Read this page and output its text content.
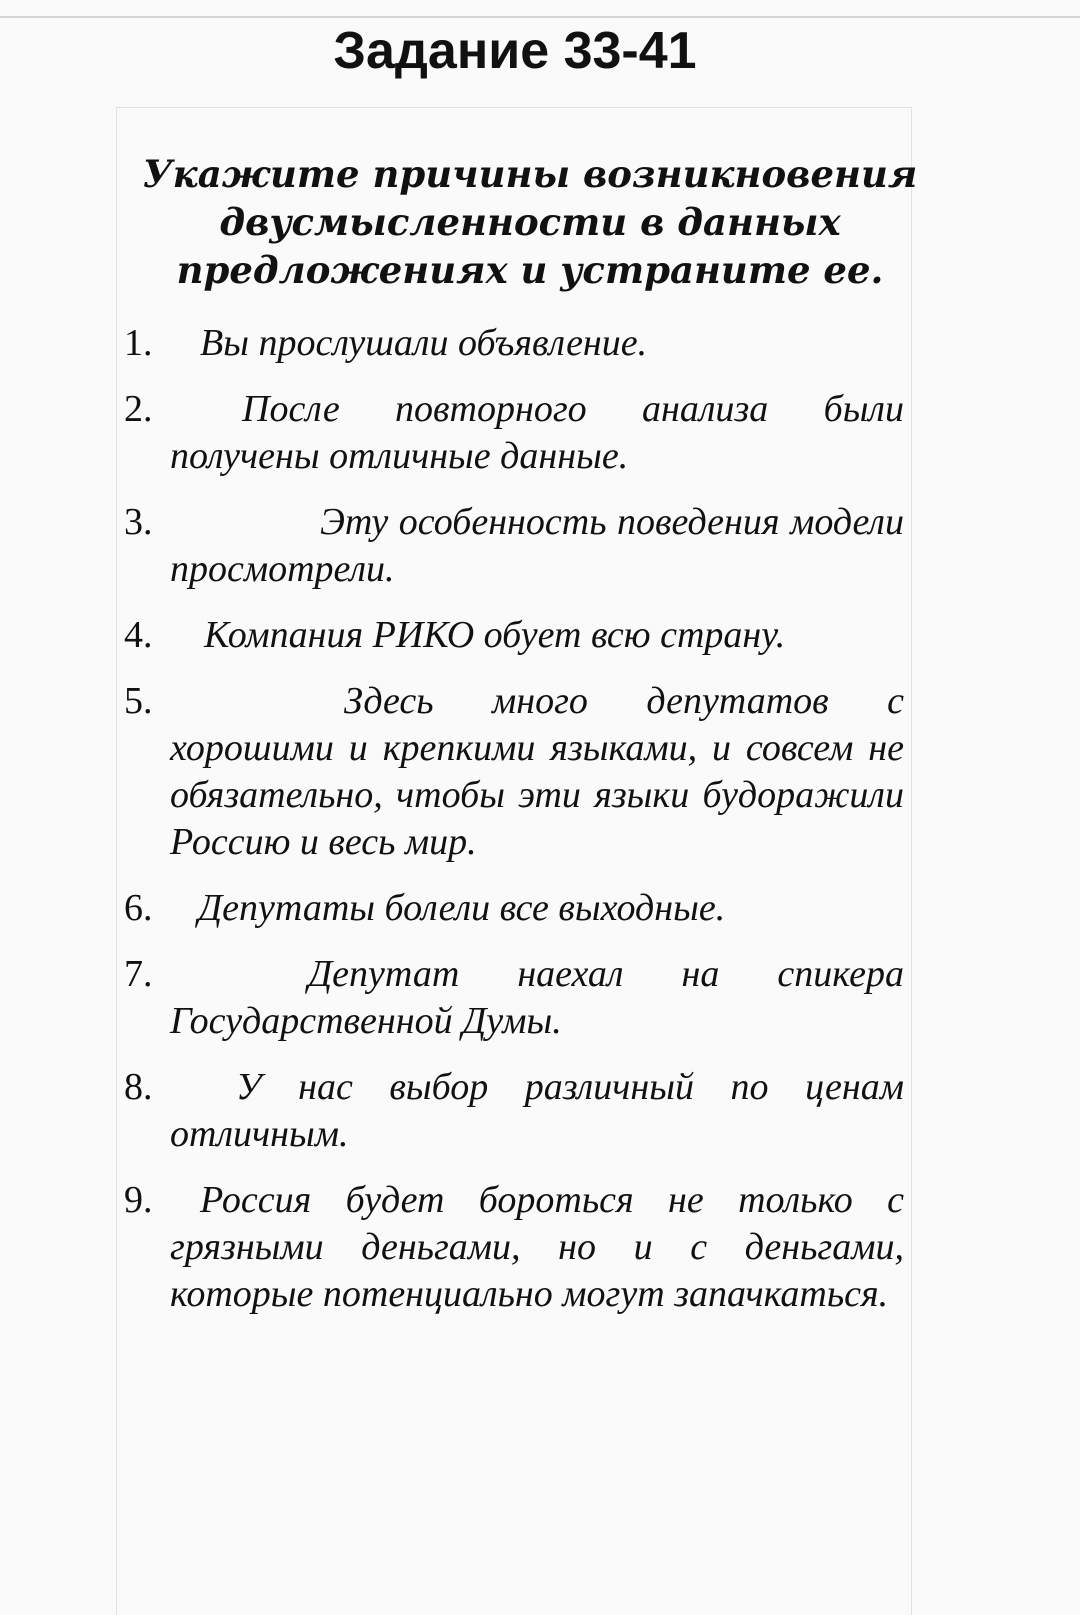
Задание 33-41
Укажите причины возникновения двусмысленности в данных предложениях и устраните ее.
1.	Вы прослушали объявление.
2.	После повторного анализа были получены отличные данные.
3.	Эту особенность поведения модели просмотрели.
4.	Компания РИКО обует всю страну.
5.	Здесь много депутатов с хорошими и крепкими языками, и совсем не обязательно, чтобы эти языки будоражили Россию и весь мир.
6.	Депутаты болели все выходные.
7.	Депутат наехал на спикера Государственной Думы.
8.	У нас выбор различный по ценам отличным.
9.	Россия будет бороться не только с грязными деньгами, но и с деньгами, которые потенциально могут запачкаться.
